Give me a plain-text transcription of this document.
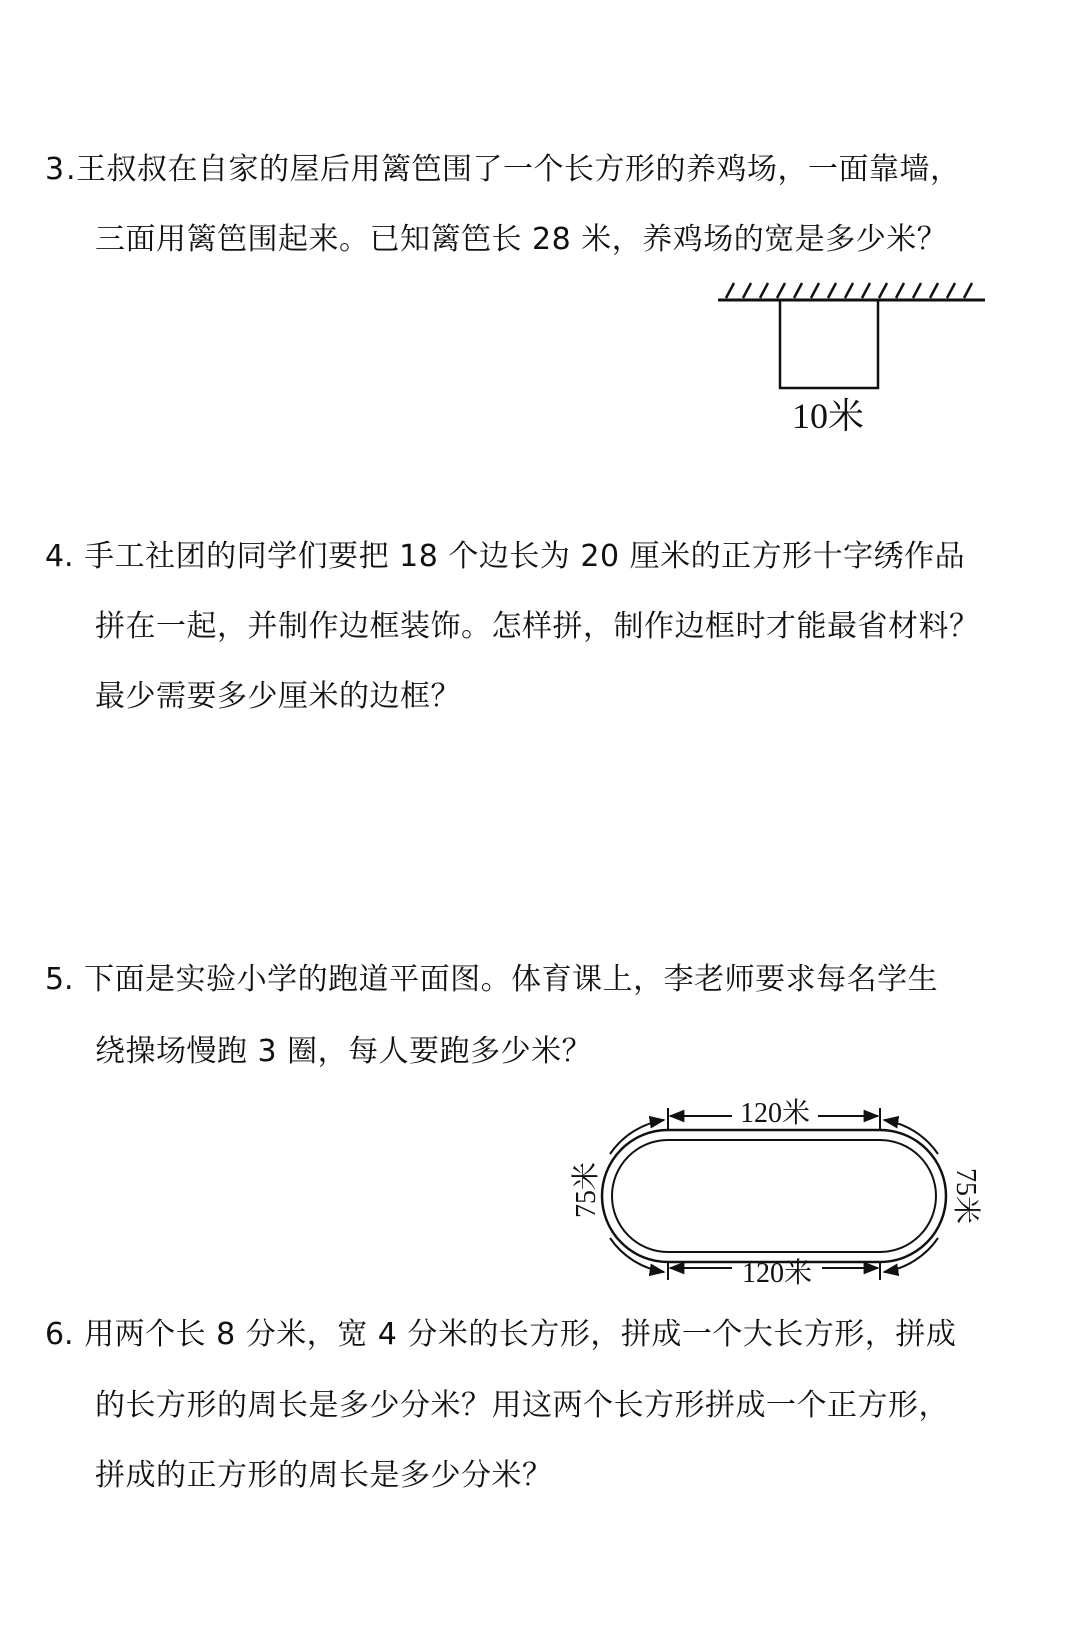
3 .王叔叔在自家的屋后用篱笆围了一个长方形的养鸡场，一面靠墙，
三面用篱笆围起来。已知篱笆长 28 米，养鸡场的宽是多少米？
4 . 手工社团的同学们要把 18 个边长为 20 厘米的正方形十字绣作品
拼在一起，并制作边框装饰。怎样拼，制作边框时才能最省材料？
最少需要多少厘米的边框？
5 . 下面是实验小学的跑道平面图。体育课上，李老师要求每名学生
绕操场慢跑 3 圈，每人要跑多少米？
6 . 用两个长 8 分米，宽 4 分米的长方形，拼成一个大长方形，拼成
的长方形的周长是多少分米？用这两个长方形拼成一个正方形，
拼成的正方形的周长是多少分米？
10米
120米
120米
75米	75米
